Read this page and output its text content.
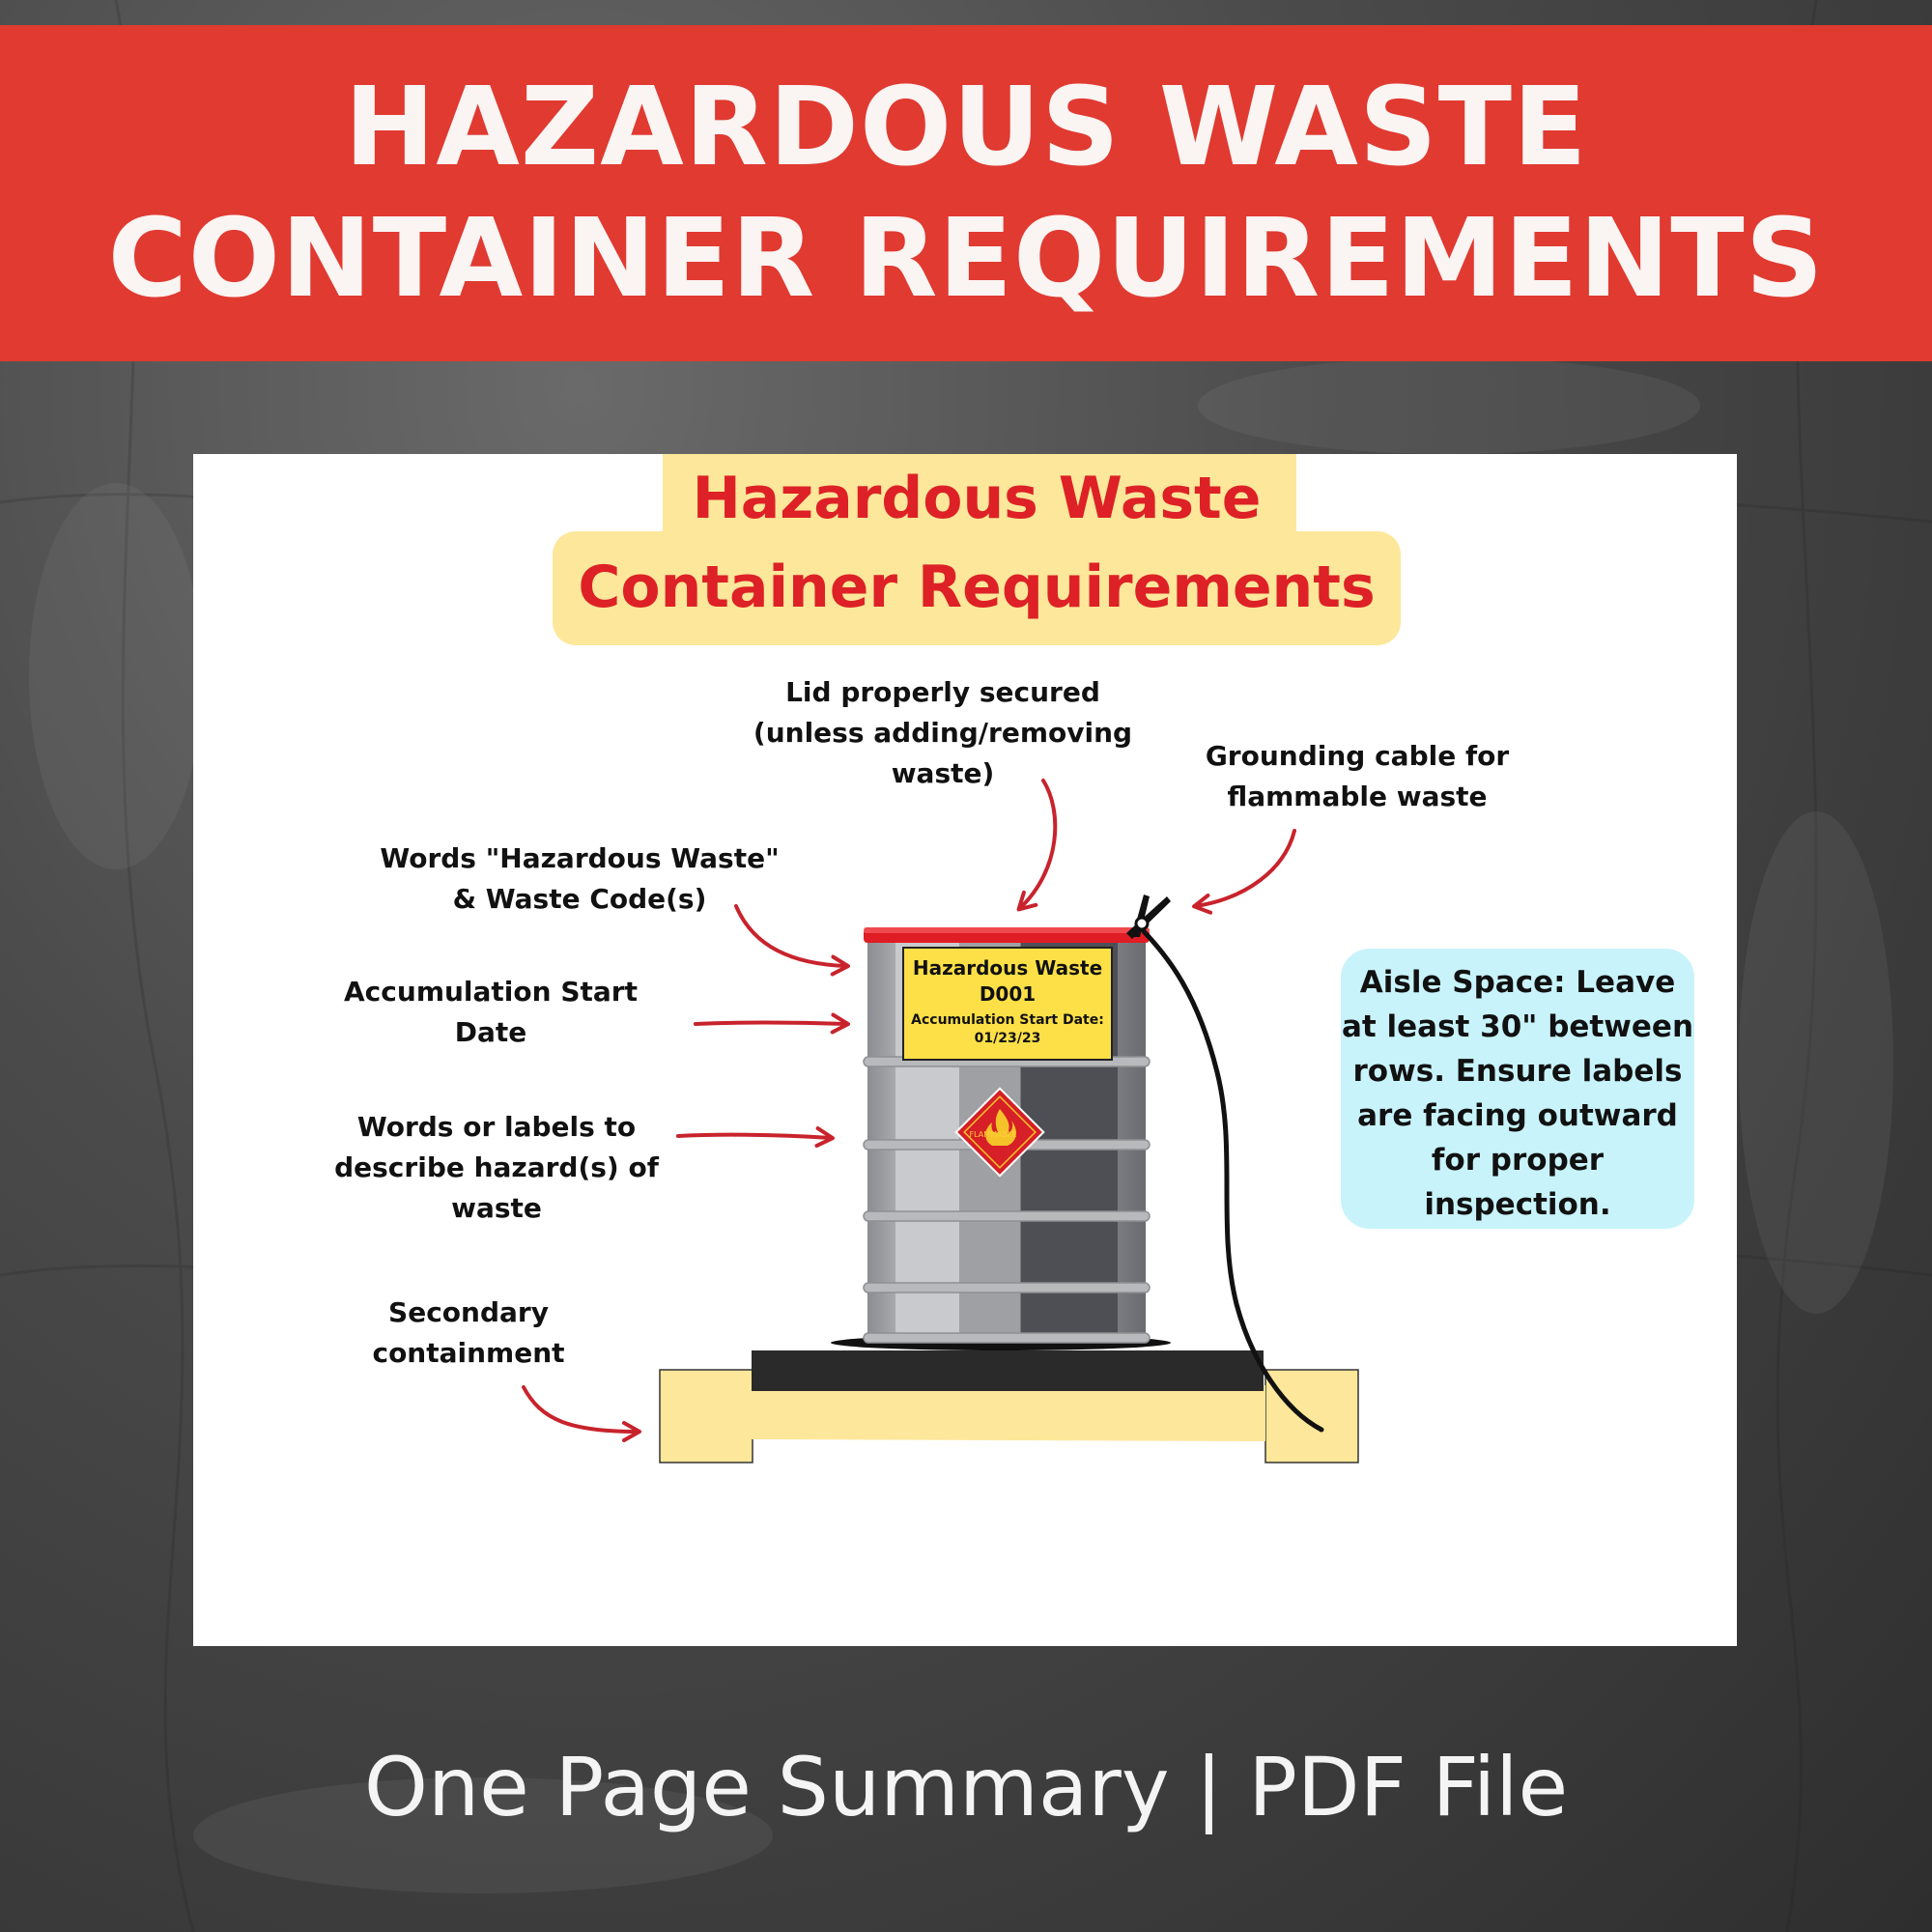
HAZARDOUS WASTE
CONTAINER REQUIREMENTS
Hazardous Waste
Container Requirements
Hazardous Waste
D001
Accumulation Start Date:
01/23/23
FLAMMABLE
Lid properly secured
(unless adding/removing
waste)
Grounding cable for
flammable waste
Words "Hazardous Waste"
& Waste Code(s)
Accumulation Start
Date
Words or labels to
describe hazard(s) of
waste
Secondary
containment
Aisle Space: Leave
at least 30" between
rows. Ensure labels
are facing outward
for proper
inspection.
One Page Summary | PDF File
